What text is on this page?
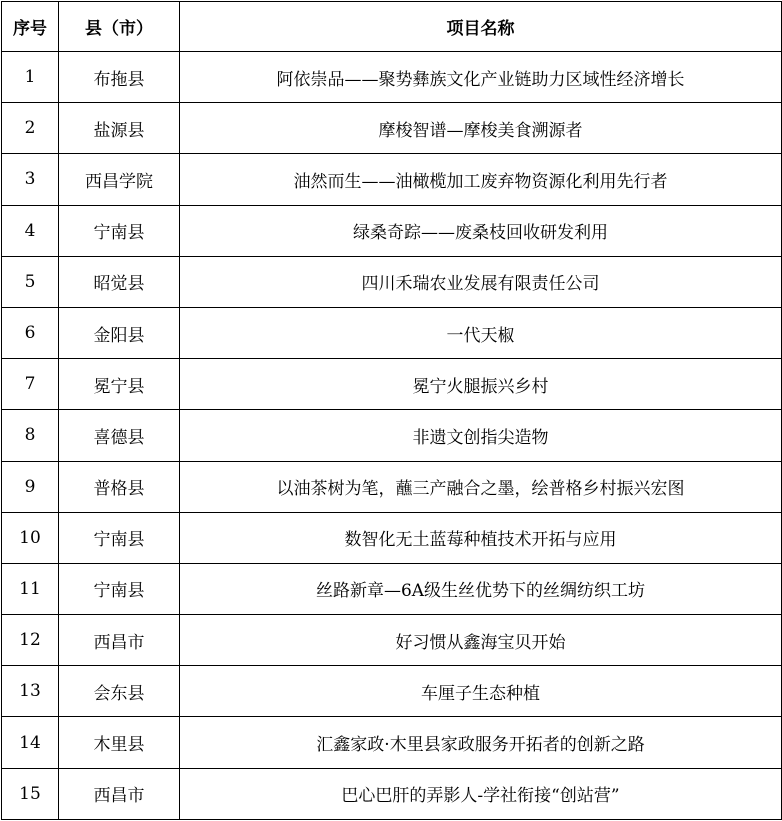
序号	县（市）	项目名称
1	布拖县	阿依崇品——聚势彝族文化产业链助力区域性经济增长
2	盐源县	摩梭智谱—摩梭美食溯源者
3	西昌学院	油然而生——油橄榄加工废弃物资源化利用先行者
4	宁南县	绿桑奇踪——废桑枝回收研发利用
5	昭觉县	四川禾瑞农业发展有限责任公司
6	金阳县	一代天椒
7	冕宁县	冕宁火腿振兴乡村
8	喜德县	非遗文创指尖造物
9	普格县	以油茶树为笔，蘸三产融合之墨，绘普格乡村振兴宏图
10	宁南县	数智化无土蓝莓种植技术开拓与应用
11	宁南县	丝路新章—6A级生丝优势下的丝绸纺织工坊
12	西昌市	好习惯从鑫海宝贝开始
13	会东县	车厘子生态种植
14	木里县	汇鑫家政·木里县家政服务开拓者的创新之路
15	西昌市	巴心巴肝的弄影人-学社衔接“创站营”
